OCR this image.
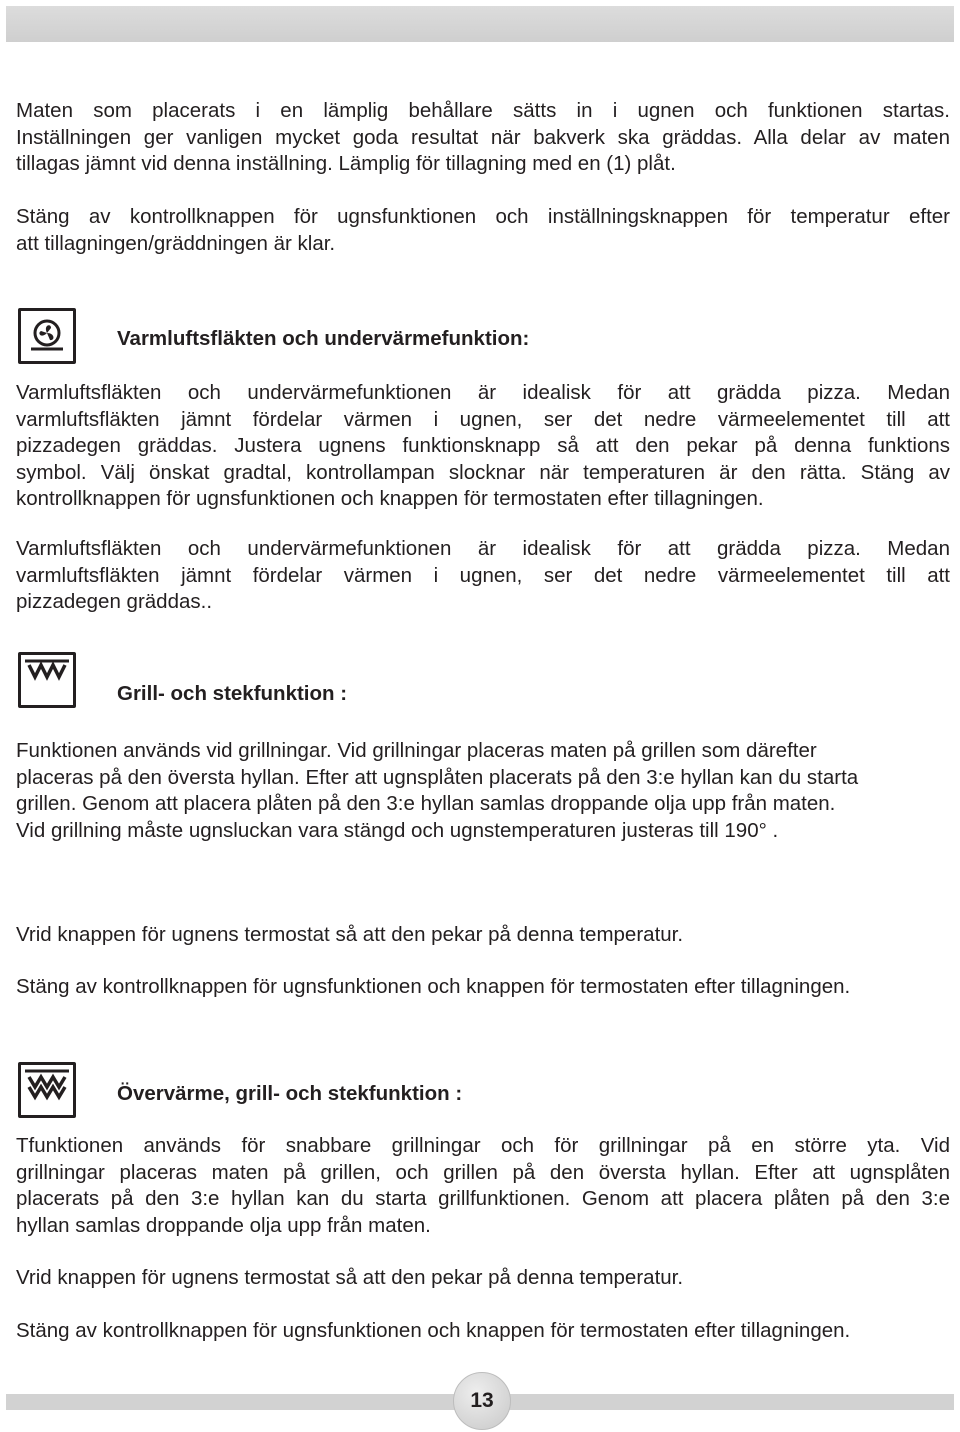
Maten som placerats i en lämplig behållare sätts in i ugnen och funktionen startas.
Inställningen ger vanligen mycket goda resultat när bakverk ska gräddas. Alla delar av maten
tillagas jämnt vid denna inställning. Lämplig för tillagning med en (1) plåt.
Stäng av kontrollknappen för ugnsfunktionen och inställningsknappen för temperatur efter
att tillagningen/gräddningen är klar.
Varmluftsfläkten och undervärmefunktion:
Varmluftsfläkten och undervärmefunktionen är idealisk för att grädda pizza. Medan
varmluftsfläkten jämnt fördelar värmen i ugnen, ser det nedre värmeelementet till att
pizzadegen gräddas. Justera ugnens funktionsknapp så att den pekar på denna funktions
symbol. Välj önskat gradtal, kontrollampan slocknar när temperaturen är den rätta. Stäng av
kontrollknappen för ugnsfunktionen och knappen för termostaten efter tillagningen.
Varmluftsfläkten och undervärmefunktionen är idealisk för att grädda pizza. Medan
varmluftsfläkten jämnt fördelar värmen i ugnen, ser det nedre värmeelementet till att
pizzadegen gräddas..
Grill- och stekfunktion :
Funktionen används vid grillningar. Vid grillningar placeras maten på grillen som därefter
placeras på den översta hyllan. Efter att ugnsplåten placerats på den 3:e hyllan kan du starta
grillen. Genom att placera plåten på den 3:e hyllan samlas droppande olja upp från maten.
Vid grillning måste ugnsluckan vara stängd och ugnstemperaturen justeras till 190° .
Vrid knappen för ugnens termostat så att den pekar på denna temperatur.
Stäng av kontrollknappen för ugnsfunktionen och knappen för termostaten efter tillagningen.
Övervärme, grill- och stekfunktion :
Tfunktionen används för snabbare grillningar och för grillningar på en större yta. Vid
grillningar placeras maten på grillen, och grillen på den översta hyllan. Efter att ugnsplåten
placerats på den 3:e hyllan kan du starta grillfunktionen. Genom att placera plåten på den 3:e
hyllan samlas droppande olja upp från maten.
Vrid knappen för ugnens termostat så att den pekar på denna temperatur.
Stäng av kontrollknappen för ugnsfunktionen och knappen för termostaten efter tillagningen.
13
